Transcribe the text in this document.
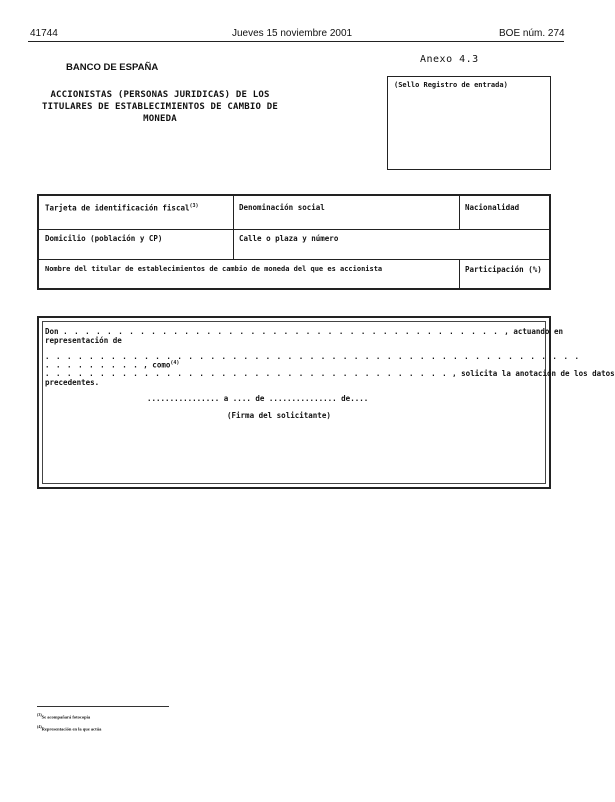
41744	Jueves 15 noviembre 2001	BOE núm. 274
BANCO DE ESPAÑA
Anexo 4.3
ACCIONISTAS (PERSONAS JURIDICAS) DE LOS
TITULARES DE ESTABLECIMIENTOS DE CAMBIO DE
MONEDA
(Sello Registro de entrada)
Tarjeta de identificación fiscal$^{(3)}$	Denominación social	Nacionalidad
Domicilio (población y CP)	Calle o plaza y número
Nombre del titular de establecimientos de cambio de moneda del que es accionista	Participación (%)
Don . . . . . . . . . . . . . . . . . . . . . . . . . . . . . . . . . . . . . . . . , actuando en
representación de
. . . . . . . . . . . . . . . . . . . . . . . . . . . . . . . . . . . . . . . . . . . . . . . . .
. . . . . . . . . , como$^{(4)}$
. . . . . . . . . . . . . . . . . . . . . . . . . . . . . . . . . . . . . , solicita la anotación de los datos
precedentes.
................ a .... de ............... de....
(Firma del solicitante)
$^{(3)}$Se acompañará fotocopia
$^{(4)}$Representación en la que actúa
